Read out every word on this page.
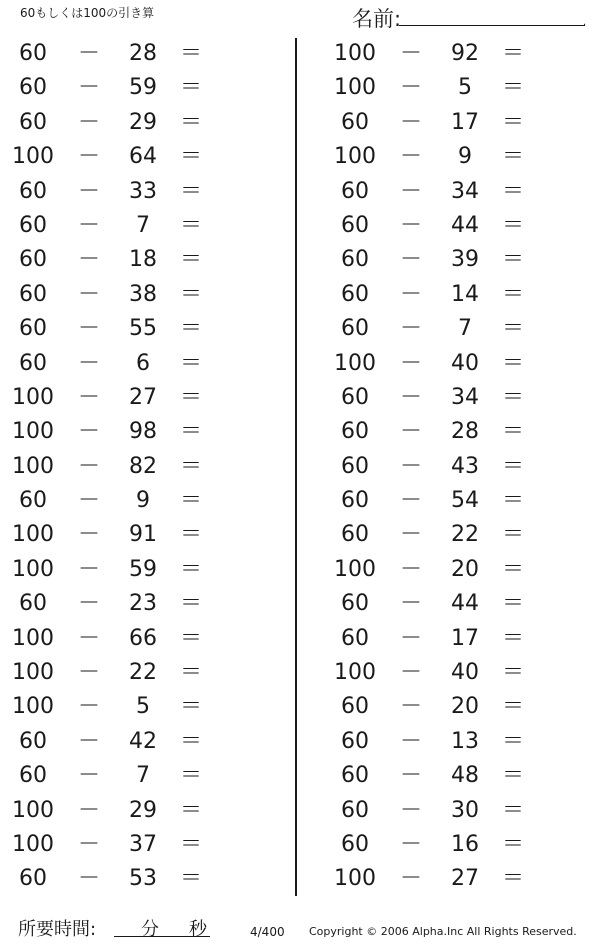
60もしくは100の引き算	名前:	.
60	－	28	＝
60	－	59	＝
60	－	29	＝
100	－	64	＝
60	－	33	＝
60	－	7	＝
60	－	18	＝
60	－	38	＝
60	－	55	＝
60	－	6	＝
100	－	27	＝
100	－	98	＝
100	－	82	＝
60	－	9	＝
100	－	91	＝
100	－	59	＝
60	－	23	＝
100	－	66	＝
100	－	22	＝
100	－	5	＝
60	－	42	＝
60	－	7	＝
100	－	29	＝
100	－	37	＝
60	－	53	＝
100	－	92	＝
100	－	5	＝
60	－	17	＝
100	－	9	＝
60	－	34	＝
60	－	44	＝
60	－	39	＝
60	－	14	＝
60	－	7	＝
100	－	40	＝
60	－	34	＝
60	－	28	＝
60	－	43	＝
60	－	54	＝
60	－	22	＝
100	－	20	＝
60	－	44	＝
60	－	17	＝
100	－	40	＝
60	－	20	＝
60	－	13	＝
60	－	48	＝
60	－	30	＝
60	－	16	＝
100	－	27	＝
所要時間: 分 秒	4/400 Copyright © 2006 Alpha.Inc All Rights Reserved.
